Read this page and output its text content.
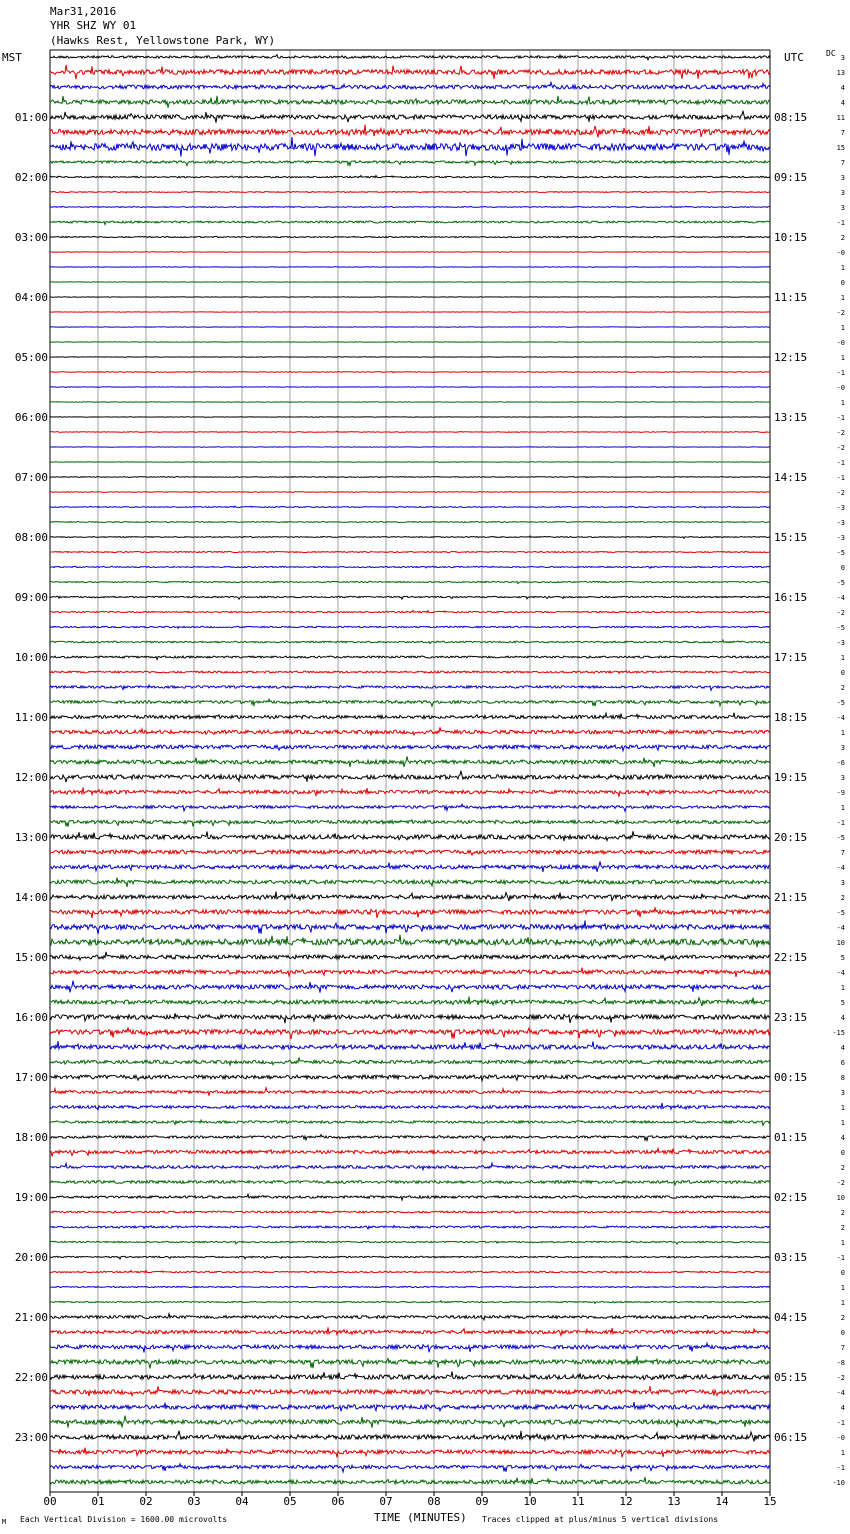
Mar31,2016
YHR SHZ WY 01
(Hawks Rest, Yellowstone Park, WY)
MST	UTC	DC 3
13
4
4
11
7
15
7
3
3
3
-1
2
-0
1
0
1
-2
1
-0
1
-1
-0
1
-1
-2
-2
-1
-1
-2
-3
-3
-3
-5
0
-5
-4
-2
-5
-3
1
0
2
-5
-4
1
3
-6
3
-9
1
-1
-5
7
-4
3
2
-5
-4
10
5
-4
1
5
4
-15
4
6
8
3
1
1
4
0
2
-2
10
2
2
1
-1
0
1
1
2
0
7
-8
-2
-4
4
-1
-0
1
-1
-10
01:00	08:15
02:00	09:15
03:00	10:15
04:00	11:15
05:00	12:15
06:00	13:15
07:00	14:15
08:00	15:15
09:00	16:15
10:00	17:15
11:00	18:15
12:00	19:15
13:00	20:15
14:00	21:15
15:00	22:15
16:00	23:15
17:00	00:15
18:00	01:15
19:00	02:15
20:00	03:15
21:00	04:15
22:00	05:15
23:00	06:15
00	01	02	03	04	05	06	07	08	09	10	11	12	13	14	15
TIME (MINUTES)
M Each Vertical Division = 1600.00 microvolts	Traces clipped at plus/minus 5 vertical divisions
